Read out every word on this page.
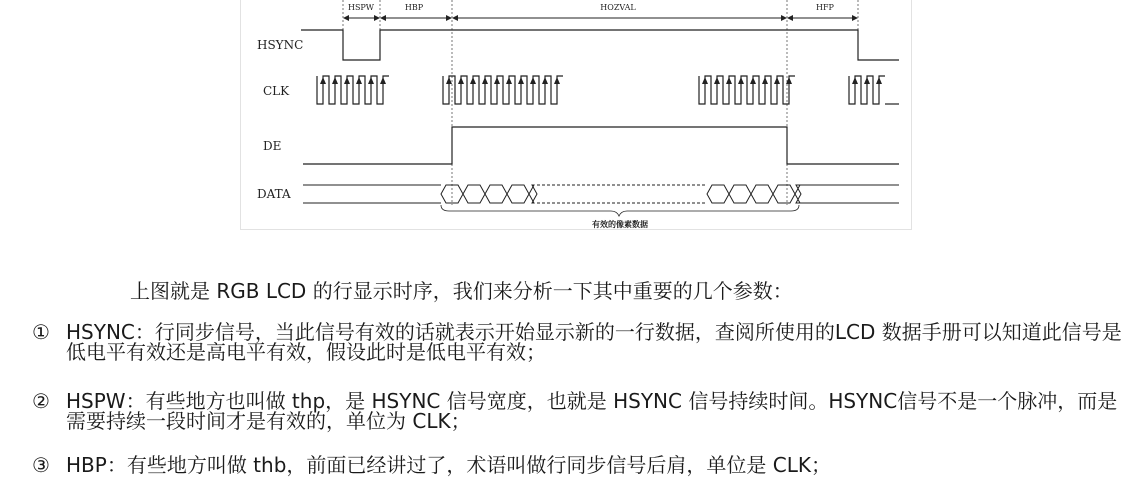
HSPW	HBP	HOZVAL	HFP
HSYNC
CLK
DE
DATA
有效的像素数据
上图就是 RGB LCD 的行显示时序，我们来分析一下其中重要的几个参数：
① HSYNC：行同步信号，当此信号有效的话就表示开始显示新的一行数据，查阅所使用的LCD 数据手册可以知道此信号是低电平有效还是高电平有效，假设此时是低电平有效；
② HSPW：有些地方也叫做 thp，是 HSYNC 信号宽度，也就是 HSYNC 信号持续时间。HSYNC信号不是一个脉冲，而是需要持续一段时间才是有效的，单位为 CLK；
③ HBP：有些地方叫做 thb，前面已经讲过了，术语叫做行同步信号后肩，单位是 CLK；
